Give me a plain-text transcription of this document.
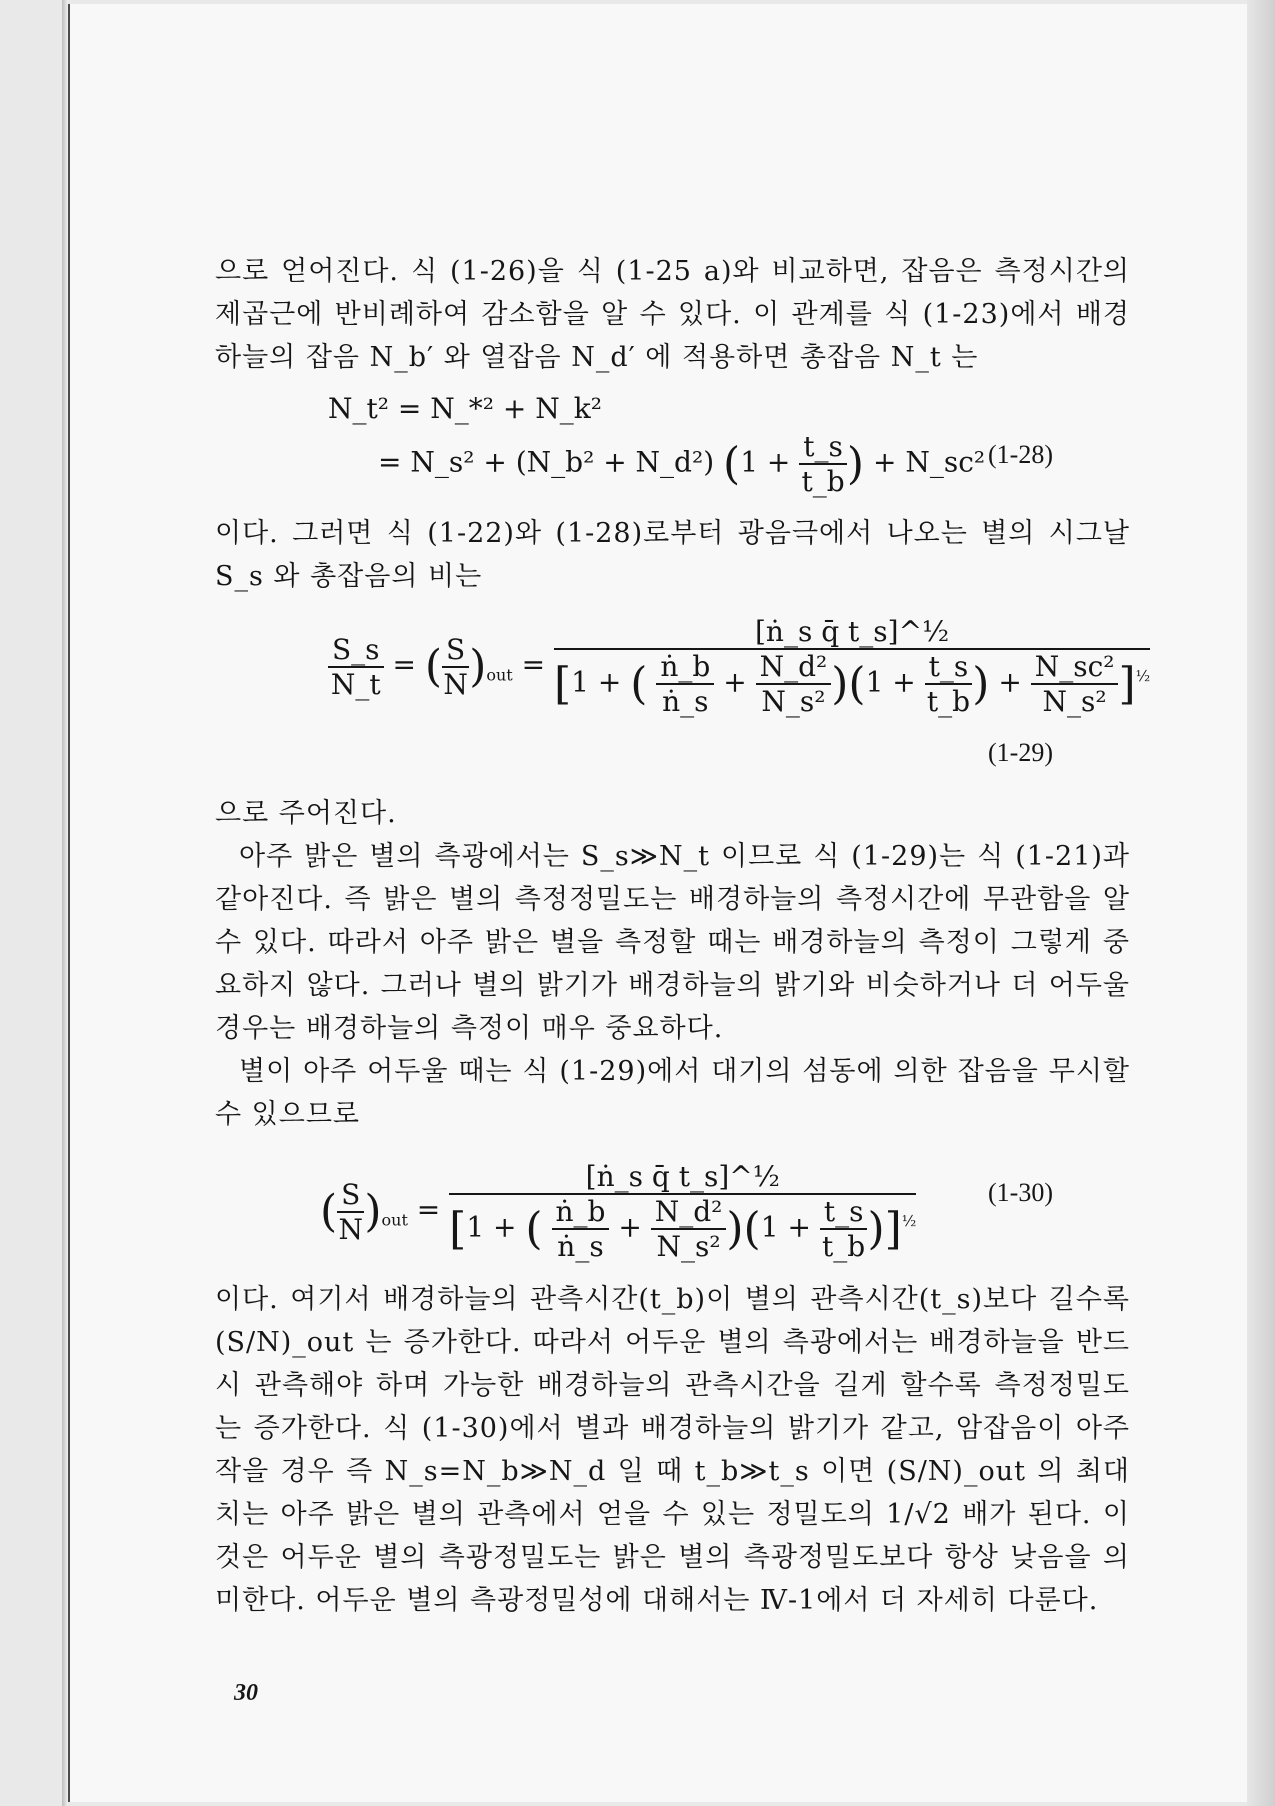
으로 얻어진다. 식 (1-26)을 식 (1-25 a)와 비교하면, 잡음은 측정시간의 제곱근에 반비례하여 감소함을 알 수 있다. 이 관계를 식 (1-23)에서 배경하늘의 잡음 N_b′ 와 열잡음 N_d′ 에 적용하면 총잡음 N_t 는

N_t² = N_*² + N_k²
= N_s² + (N_b² + N_d²) ($1 + \frac{t\_s}{t\_b}$ ) + N_sc² (1-28)

이다. 그러면 식 (1-22)와 (1-28)로부터 광음극에서 나오는 별의 시그날 S_s 와 총잡음의 비는

$\frac{S\_s}{N\_t}$ = ( $\frac{S}{N} )_{out}$ =
[ṅ_s q̄ t_s]^½
[1 + ( $\frac{\text{ṅ\_b}}{\text{ṅ\_s}} + \frac{\text{N\_d²}}{\text{N\_s²}} )(1 + \frac{t\_s}{t\_b}$ ) + $\frac{\text{N\_sc²}}{\text{N\_s²}} ]^{\frac{1}{2}}$
(1-29)

으로 주어진다.

아주 밝은 별의 측광에서는 S_s≫N_t 이므로 식 (1-29)는 식 (1-21)과 같아진다. 즉 밝은 별의 측정정밀도는 배경하늘의 측정시간에 무관함을 알 수 있다. 따라서 아주 밝은 별을 측정할 때는 배경하늘의 측정이 그렇게 중요하지 않다. 그러나 별의 밝기가 배경하늘의 밝기와 비슷하거나 더 어두울 경우는 배경하늘의 측정이 매우 중요하다.

별이 아주 어두울 때는 식 (1-29)에서 대기의 섬동에 의한 잡음을 무시할 수 있으므로

( $\frac{S}{N} )_{out}$ =
[ṅ_s q̄ t_s]^½
[1 + ( $\frac{\text{ṅ\_b}}{\text{ṅ\_s}} + \frac{\text{N\_d²}}{\text{N\_s²}} )(1 + \frac{t\_s}{t\_b} )]^{\frac{1}{2}}$
(1-30)

이다. 여기서 배경하늘의 관측시간(t_b)이 별의 관측시간(t_s)보다 길수록 (S/N)_out 는 증가한다. 따라서 어두운 별의 측광에서는 배경하늘을 반드시 관측해야 하며 가능한 배경하늘의 관측시간을 길게 할수록 측정정밀도는 증가한다. 식 (1-30)에서 별과 배경하늘의 밝기가 같고, 암잡음이 아주 작을 경우 즉 N_s=N_b≫N_d 일 때 t_b≫t_s 이면 (S/N)_out 의 최대치는 아주 밝은 별의 관측에서 얻을 수 있는 정밀도의 1/√2 배가 된다. 이것은 어두운 별의 측광정밀도는 밝은 별의 측광정밀도보다 항상 낮음을 의미한다. 어두운 별의 측광정밀성에 대해서는 Ⅳ-1에서 더 자세히 다룬다.

30
